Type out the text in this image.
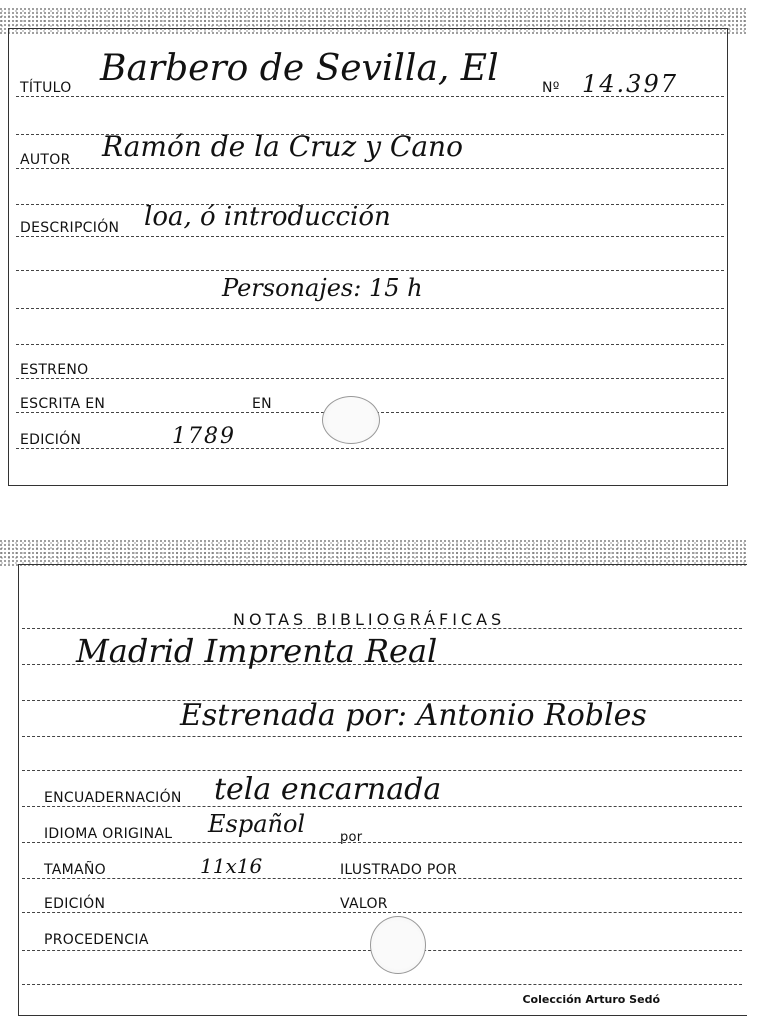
TÍTULO Barbero de Sevilla, El	Nº 14.397
AUTOR Ramón de la Cruz y Cano
DESCRIPCIÓN loa, ó introducción
Personajes: 15 h
ESTRENO
ESCRITA EN	EN
EDICIÓN	1789
NOTAS BIBLIOGRÁFICAS
Madrid Imprenta Real
Estrenada por: Antonio Robles
ENCUADERNACIÓN tela encarnada
IDIOMA ORIGINAL Español	por
TAMAÑO	11x16	ILUSTRADO POR
EDICIÓN	VALOR
PROCEDENCIA
Colección Arturo Sedó
